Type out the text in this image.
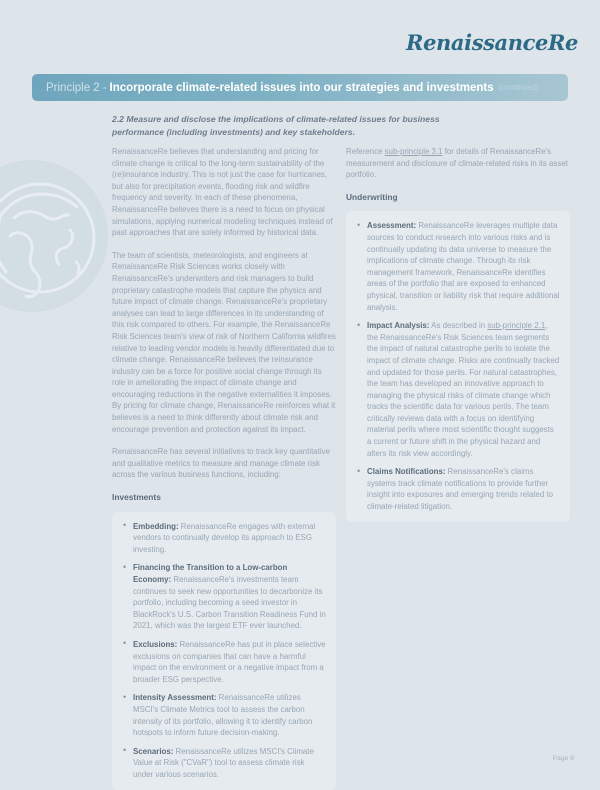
RenaissanceRe
Principle 2 - Incorporate climate-related issues into our strategies and investments (continued)
2.2 Measure and disclose the implications of climate-related issues for business performance (including investments) and key stakeholders.

RenaissanceRe believes that understanding and pricing for climate change is critical to the long-term sustainability of the (re)insurance industry. This is not just the case for hurricanes, but also for precipitation events, flooding risk and wildfire frequency and severity. In each of these phenomena, RenaissanceRe believes there is a need to focus on physical simulations, applying numerical modeling techniques instead of past approaches that are solely informed by historical data.

The team of scientists, meteorologists, and engineers at RenaissanceRe Risk Sciences works closely with RenaissanceRe's underwriters and risk managers to build proprietary catastrophe models that capture the physics and future impact of climate change. RenaissanceRe's proprietary analyses can lead to large differences in its understanding of this risk compared to others. For example, the RenaissanceRe Risk Sciences team's view of risk of Northern California wildfires relative to leading vendor models is heavily differentiated due to climate change. RenaissanceRe believes the reinsurance industry can be a force for positive social change through its role in ameliorating the impact of climate change and encouraging reductions in the negative externalities it imposes. By pricing for climate change, RenaissanceRe reinforces what it believes is a need to think differently about climate risk and encourage prevention and protection against its impact.

RenaissanceRe has several initiatives to track key quantitative and qualitative metrics to measure and manage climate risk across the various business functions, including:

Investments
• Embedding: RenaissanceRe engages with external vendors to continually develop its approach to ESG investing.
• Financing the Transition to a Low-carbon Economy: RenaissanceRe's investments team continues to seek new opportunities to decarbonize its portfolio, including becoming a seed investor in BlackRock's U.S. Carbon Transition Readiness Fund in 2021, which was the largest ETF ever launched.
• Exclusions: RenaissanceRe has put in place selective exclusions on companies that can have a harmful impact on the environment or a negative impact from a broader ESG perspective.
• Intensity Assessment: RenaissanceRe utilizes MSCI's Climate Metrics tool to assess the carbon intensity of its portfolio, allowing it to identify carbon hotspots to inform future decision-making.
• Scenarios: RenaissanceRe utilizes MSCI's Climate Value at Risk ("CVaR") tool to assess climate risk under various scenarios.

Reference sub-principle 3.1 for details of RenaissanceRe's measurement and disclosure of climate-related risks in its asset portfolio.

Underwriting
• Assessment: RenaissanceRe leverages multiple data sources to conduct research into various risks and is continually updating its data universe to measure the implications of climate change. Through its risk management framework, RenaissanceRe identifies areas of the portfolio that are exposed to enhanced physical, transition or liability risk that require additional analysis.
• Impact Analysis: As described in sub-principle 2.1, the RenaissanceRe's Risk Sciences team segments the impact of natural catastrophe perils to isolate the impact of climate change. Risks are continually tracked and updated for those perils. For natural catastrophes, the team has developed an innovative approach to managing the physical risks of climate change which tracks the scientific data for various perils. The team critically reviews data with a focus on identifying material perils where most scientific thought suggests a current or future shift in the physical hazard and alters its risk view accordingly.
• Claims Notifications: RenaissanceRe's claims systems track climate notifications to provide further insight into exposures and emerging trends related to climate-related litigation.
Page 8
